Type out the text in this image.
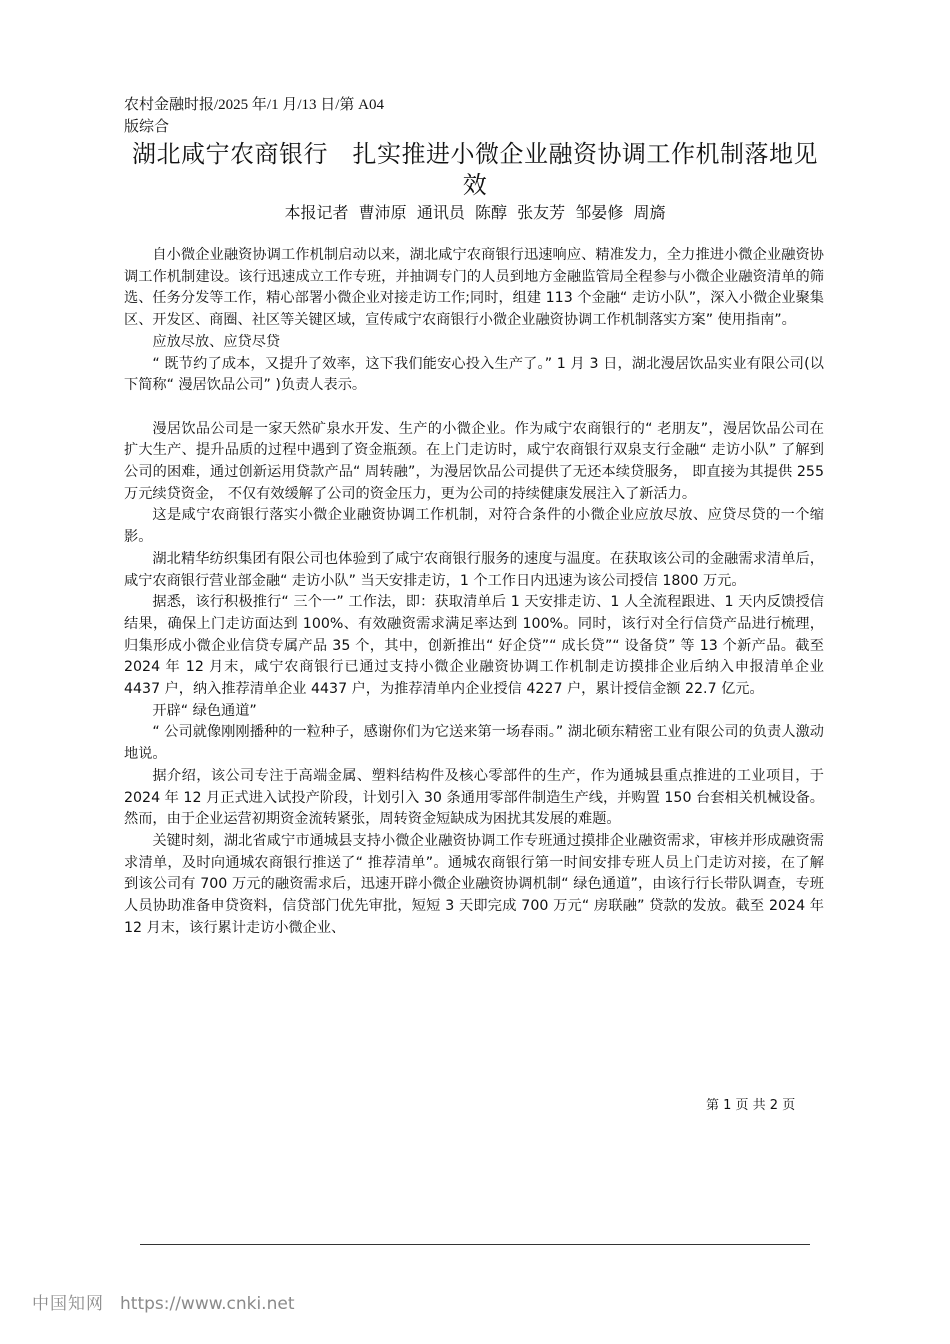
农村金融时报/2025 年/1 月/13 日/第 A04
版综合
湖北咸宁农商银行　扎实推进小微企业融资协调工作机制落地见效
本报记者  曹沛原  通讯员  陈醇  张友芳  邹晏修  周旖

自小微企业融资协调工作机制启动以来，湖北咸宁农商银行迅速响应、精准发力，全力推进小微企业融资协调工作机制建设。该行迅速成立工作专班，并抽调专门的人员到地方金融监管局全程参与小微企业融资清单的筛选、任务分发等工作，精心部署小微企业对接走访工作;同时，组建 113 个金融“ 走访小队”，深入小微企业聚集区、开发区、商圈、社区等关键区域，宣传咸宁农商银行小微企业融资协调工作机制落实方案” 使用指南”。

应放尽放、应贷尽贷

“ 既节约了成本，又提升了效率，这下我们能安心投入生产了。” 1 月 3 日，湖北漫居饮品实业有限公司(以下简称“ 漫居饮品公司” )负责人表示。

漫居饮品公司是一家天然矿泉水开发、生产的小微企业。作为咸宁农商银行的“ 老朋友”，漫居饮品公司在扩大生产、提升品质的过程中遇到了资金瓶颈。在上门走访时，咸宁农商银行双泉支行金融“ 走访小队” 了解到公司的困难，通过创新运用贷款产品“ 周转融”，为漫居饮品公司提供了无还本续贷服务， 即直接为其提供 255 万元续贷资金， 不仅有效缓解了公司的资金压力，更为公司的持续健康发展注入了新活力。

这是咸宁农商银行落实小微企业融资协调工作机制，对符合条件的小微企业应放尽放、应贷尽贷的一个缩影。

湖北精华纺织集团有限公司也体验到了咸宁农商银行服务的速度与温度。在获取该公司的金融需求清单后，咸宁农商银行营业部金融“ 走访小队” 当天安排走访，1 个工作日内迅速为该公司授信 1800 万元。

据悉，该行积极推行“ 三个一” 工作法，即：获取清单后 1 天安排走访、1 人全流程跟进、1 天内反馈授信结果，确保上门走访面达到 100%、有效融资需求满足率达到 100%。同时，该行对全行信贷产品进行梳理，归集形成小微企业信贷专属产品 35 个，其中，创新推出“ 好企贷”“ 成长贷”“ 设备贷” 等 13 个新产品。截至 2024 年 12 月末，咸宁农商银行已通过支持小微企业融资协调工作机制走访摸排企业后纳入申报清单企业 4437 户，纳入推荐清单企业 4437 户，为推荐清单内企业授信 4227 户，累计授信金额 22.7 亿元。

开辟“ 绿色通道”

“ 公司就像刚刚播种的一粒种子，感谢你们为它送来第一场春雨。” 湖北硕东精密工业有限公司的负责人激动地说。

据介绍，该公司专注于高端金属、塑料结构件及核心零部件的生产，作为通城县重点推进的工业项目，于 2024 年 12 月正式进入试投产阶段，计划引入 30 条通用零部件制造生产线，并购置 150 台套相关机械设备。然而，由于企业运营初期资金流转紧张，周转资金短缺成为困扰其发展的难题。

关键时刻，湖北省咸宁市通城县支持小微企业融资协调工作专班通过摸排企业融资需求，审核并形成融资需求清单，及时向通城农商银行推送了“ 推荐清单”。通城农商银行第一时间安排专班人员上门走访对接，在了解到该公司有 700 万元的融资需求后，迅速开辟小微企业融资协调机制“ 绿色通道”，由该行行长带队调查，专班人员协助准备申贷资料，信贷部门优先审批，短短 3 天即完成 700 万元“ 房联融” 贷款的发放。截至 2024 年 12 月末，该行累计走访小微企业、

第 1 页 共 2 页
中国知网 https://www.cnki.net
